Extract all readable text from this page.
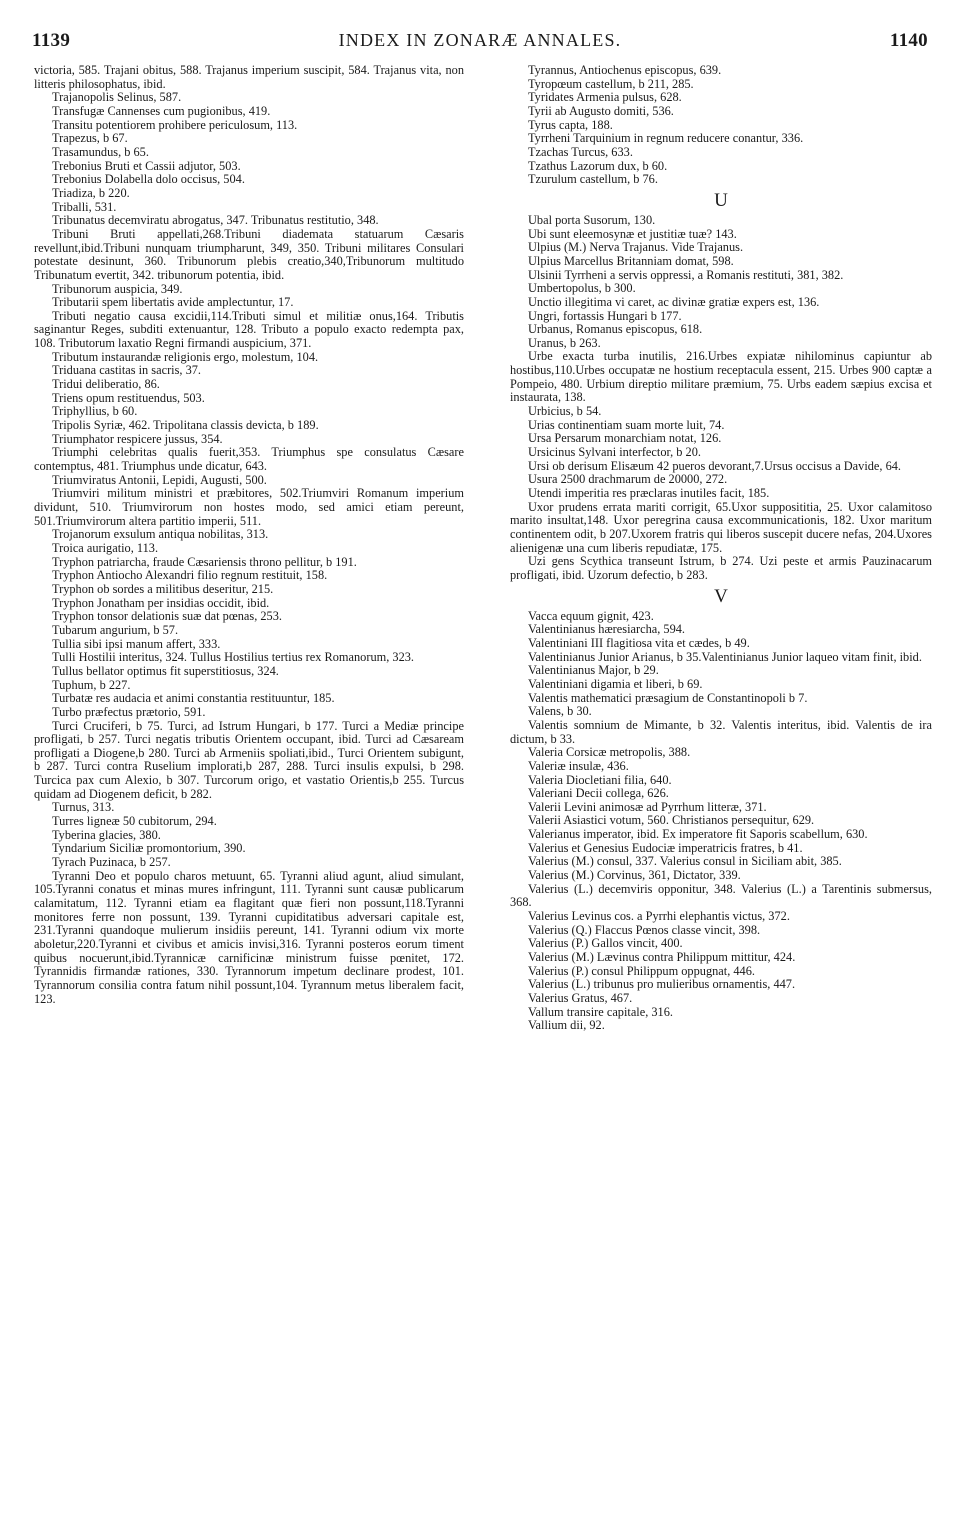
1139	INDEX IN ZONARÆ ANNALES.	1140

victoria, 585. Trajani obitus, 588. Trajanus imperium suscipit, 584. Trajanus vita, non litteris philosophatus, ibid.

Trajanopolis Selinus, 587.

Transfugæ Cannenses cum pugionibus, 419.

Transitu potentiorem prohibere periculosum, 113.

Trapezus, b 67.

Trasamundus, b 65.

Trebonius Bruti et Cassii adjutor, 503.

Trebonius Dolabella dolo occisus, 504.

Triadiza, b 220.

Triballi, 531.

Tribunatus decemviratu abrogatus, 347. Tribunatus restitutio, 348.

Tribuni Bruti appellati,268.Tribuni diademata statuarum Cæsaris revellunt,ibid.Tribuni nunquam triumpharunt, 349, 350. Tribuni militares Consulari potestate desinunt, 360. Tribunorum plebis creatio,340,Tribunorum multitudo Tribunatum evertit, 342. tribunorum potentia, ibid.

Tribunorum auspicia, 349.

Tributarii spem libertatis avide amplectuntur, 17.

Tributi negatio causa excidii,114.Tributi simul et militiæ onus,164. Tributis saginantur Reges, subditi extenuantur, 128. Tributo a populo exacto redempta pax, 108. Tributorum laxatio Regni firmandi auspicium, 371.

Tributum instaurandæ religionis ergo, molestum, 104.

Triduana castitas in sacris, 37.

Tridui deliberatio, 86.

Triens opum restituendus, 503.

Triphyllius, b 60.

Tripolis Syriæ, 462. Tripolitana classis devicta, b 189.

Triumphator respicere jussus, 354.

Triumphi celebritas qualis fuerit,353. Triumphus spe consulatus Cæsare contemptus, 481. Triumphus unde dicatur, 643.

Triumviratus Antonii, Lepidi, Augusti, 500.

Triumviri militum ministri et præbitores, 502.Triumviri Romanum imperium dividunt, 510. Triumvirorum non hostes modo, sed amici etiam pereunt, 501.Triumvirorum altera partitio imperii, 511.

Trojanorum exsulum antiqua nobilitas, 313.

Troica aurigatio, 113.

Tryphon patriarcha, fraude Cæsariensis throno pellitur, b 191.

Tryphon Antiocho Alexandri filio regnum restituit, 158.

Tryphon ob sordes a militibus deseritur, 215.

Tryphon Jonatham per insidias occidit, ibid.

Tryphon tonsor delationis suæ dat pœnas, 253.

Tubarum angurium, b 57.

Tullia sibi ipsi manum affert, 333.

Tulli Hostilii interitus, 324. Tullus Hostilius tertius rex Romanorum, 323.

Tullus bellator optimus fit superstitiosus, 324.

Tuphum, b 227.

Turbatæ res audacia et animi constantia restituuntur, 185.

Turbo præfectus prætorio, 591.

Turci Cruciferi, b 75. Turci, ad Istrum Hungari, b 177. Turci a Mediæ principe profligati, b 257. Turci negatis tributis Orientem occupant, ibid. Turci ad Cæsaream profligati a Diogene,b 280. Turci ab Armeniis spoliati,ibid., Turci Orientem subigunt, b 287. Turci contra Ruselium implorati,b 287, 288. Turci insulis expulsi, b 298. Turcica pax cum Alexio, b 307. Turcorum origo, et vastatio Orientis,b 255. Turcus quidam ad Diogenem deficit, b 282.

Turnus, 313.

Turres ligneæ 50 cubitorum, 294.

Tyberina glacies, 380.

Tyndarium Siciliæ promontorium, 390.

Tyrach Puzinaca, b 257.

Tyranni Deo et populo charos metuunt, 65. Tyranni aliud agunt, aliud simulant, 105.Tyranni conatus et minas mures infringunt, 111. Tyranni sunt causæ publicarum calamitatum, 112. Tyranni etiam ea flagitant quæ fieri non possunt,118.Tyranni monitores ferre non possunt, 139. Tyranni cupiditatibus adversari capitale est, 231.Tyranni quandoque mulierum insidiis pereunt, 141. Tyranni odium vix morte aboletur,220.Tyranni et civibus et amicis invisi,316. Tyranni posteros eorum timent quibus nocuerunt,ibid.Tyrannicæ carnificinæ ministrum fuisse pœnitet, 172. Tyrannidis firmandæ rationes, 330. Tyrannorum impetum declinare prodest, 101. Tyrannorum consilia contra fatum nihil possunt,104. Tyrannum metus liberalem facit, 123.

Tyrannus, Antiochenus episcopus, 639.

Tyropœum castellum, b 211, 285.

Tyridates Armenia pulsus, 628.

Tyrii ab Augusto domiti, 536.

Tyrus capta, 188.

Tyrrheni Tarquinium in regnum reducere conantur, 336.

Tzachas Turcus, 633.

Tzathus Lazorum dux, b 60.

Tzurulum castellum, b 76.

U

Ubal porta Susorum, 130.

Ubi sunt eleemosynæ et justitiæ tuæ? 143.

Ulpius (M.) Nerva Trajanus. Vide Trajanus.

Ulpius Marcellus Britanniam domat, 598.

Ulsinii Tyrrheni a servis oppressi, a Romanis restituti, 381, 382.

Umbertopolus, b 300.

Unctio illegitima vi caret, ac divinæ gratiæ expers est, 136.

Ungri, fortassis Hungari b 177.

Urbanus, Romanus episcopus, 618.

Uranus, b 263.

Urbe exacta turba inutilis, 216.Urbes expiatæ nihilominus capiuntur ab hostibus,110.Urbes occupatæ ne hostium receptacula essent, 215. Urbes 900 captæ a Pompeio, 480. Urbium direptio militare præmium, 75. Urbs eadem sæpius excisa et instaurata, 138.

Urbicius, b 54.

Urias continentiam suam morte luit, 74.

Ursa Persarum monarchiam notat, 126.

Ursicinus Sylvani interfector, b 20.

Ursi ob derisum Elisæum 42 pueros devorant,7.Ursus occisus a Davide, 64.

Usura 2500 drachmarum de 20000, 272.

Utendi imperitia res præclaras inutiles facit, 185.

Uxor prudens errata mariti corrigit, 65.Uxor supposititia, 25. Uxor calamitoso marito insultat,148. Uxor peregrina causa excommunicationis, 182. Uxor maritum continentem odit, b 207.Uxorem fratris qui liberos suscepit ducere nefas, 204.Uxores alienigenæ una cum liberis repudiatæ, 175.

Uzi gens Scythica transeunt Istrum, b 274. Uzi peste et armis Pauzinacarum profligati, ibid. Uzorum defectio, b 283.

V

Vacca equum gignit, 423.

Valentinianus hæresiarcha, 594.

Valentiniani III flagitiosa vita et cædes, b 49.

Valentinianus Junior Arianus, b 35.Valentinianus Junior laqueo vitam finit, ibid.

Valentinianus Major, b 29.

Valentiniani digamia et liberi, b 69.

Valentis mathematici præsagium de Constantinopoli b 7.

Valens, b 30.

Valentis somnium de Mimante, b 32. Valentis interitus, ibid. Valentis de ira dictum, b 33.

Valeria Corsicæ metropolis, 388.

Valeriæ insulæ, 436.

Valeria Diocletiani filia, 640.

Valeriani Decii collega, 626.

Valerii Levini animosæ ad Pyrrhum litteræ, 371.

Valerii Asiastici votum, 560. Christianos persequitur, 629.

Valerianus imperator, ibid. Ex imperatore fit Saporis scabellum, 630.

Valerius et Genesius Eudociæ imperatricis fratres, b 41.

Valerius (M.) consul, 337. Valerius consul in Siciliam abit, 385.

Valerius (M.) Corvinus, 361, Dictator, 339.

Valerius (L.) decemviris opponitur, 348. Valerius (L.) a Tarentinis submersus, 368.

Valerius Levinus cos. a Pyrrhi elephantis victus, 372.

Valerius (Q.) Flaccus Pœnos classe vincit, 398.

Valerius (P.) Gallos vincit, 400.

Valerius (M.) Lævinus contra Philippum mittitur, 424.

Valerius (P.) consul Philippum oppugnat, 446.

Valerius (L.) tribunus pro mulieribus ornamentis, 447.

Valerius Gratus, 467.

Vallum transire capitale, 316.

Vallium dii, 92.
